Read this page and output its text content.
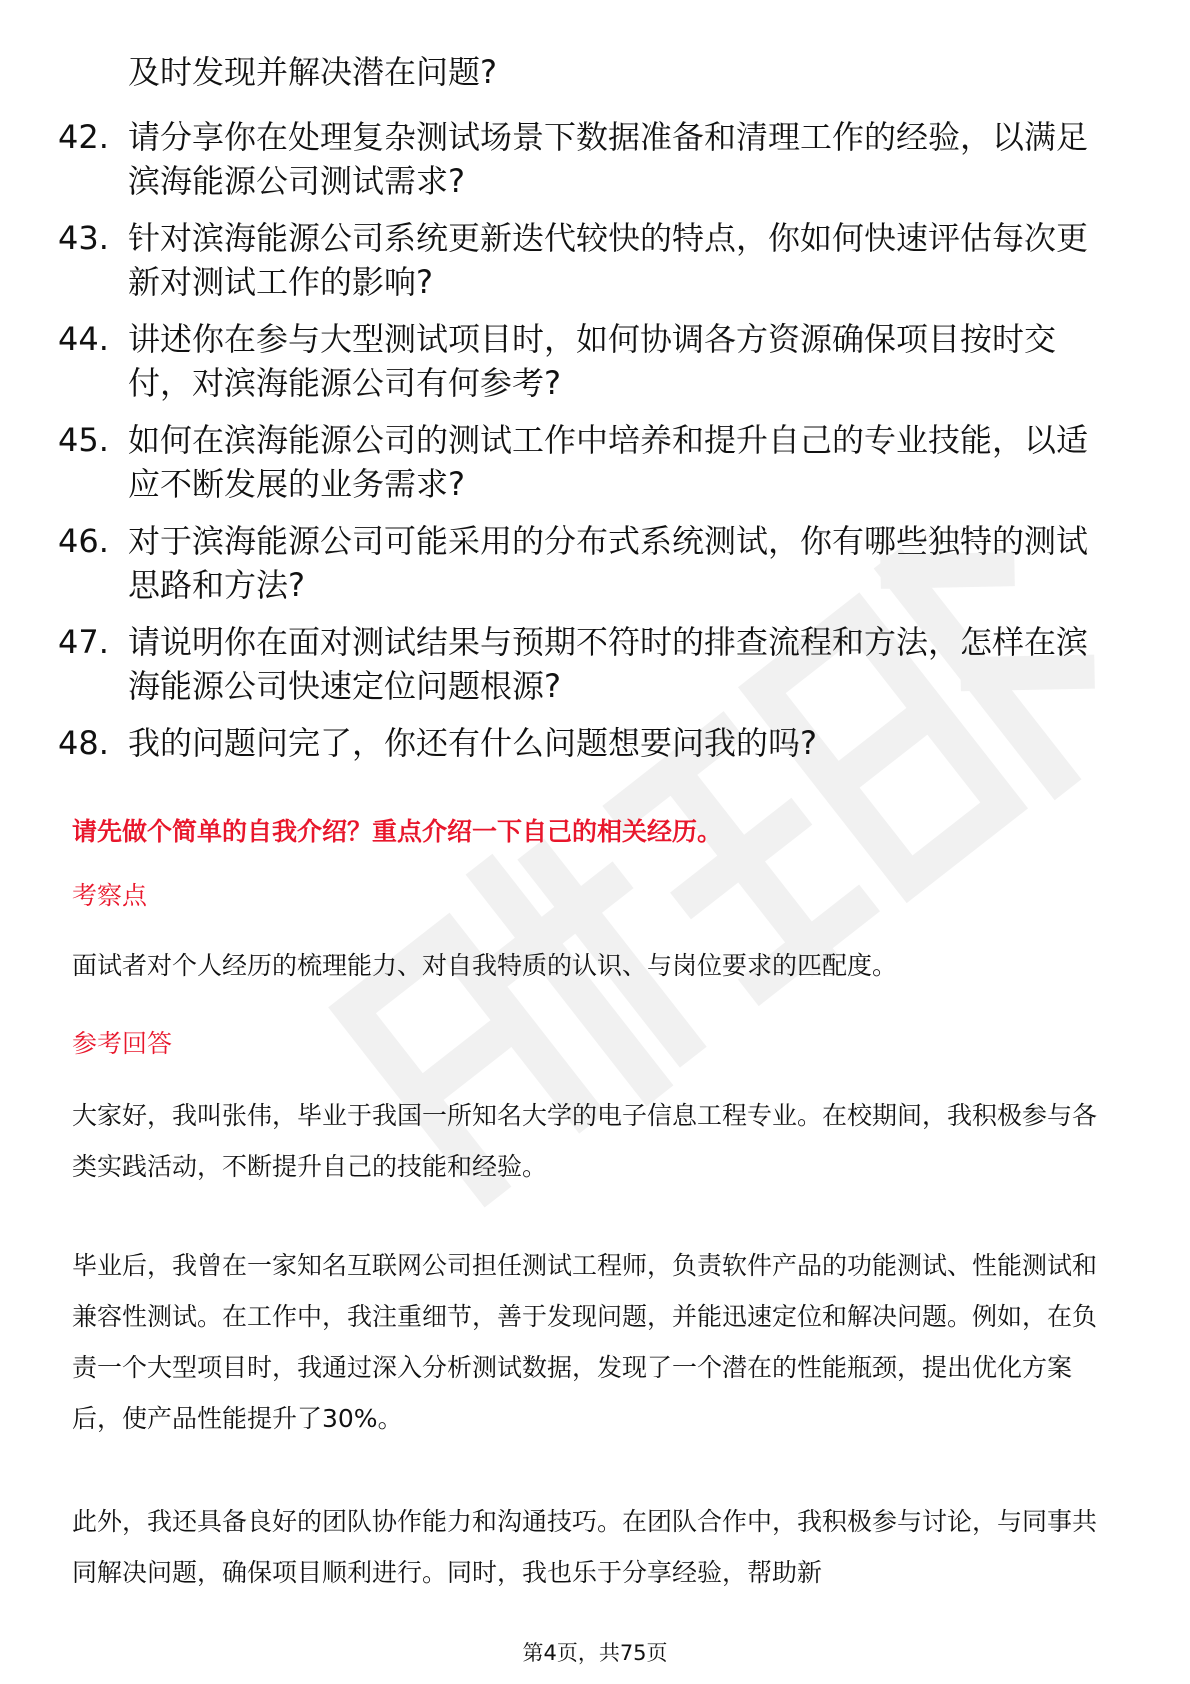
及时发现并解决潜在问题?
42. 请分享你在处理复杂测试场景下数据准备和清理工作的经验，以满足滨海能源公司测试需求?
43. 针对滨海能源公司系统更新迭代较快的特点，你如何快速评估每次更新对测试工作的影响?
44. 讲述你在参与大型测试项目时，如何协调各方资源确保项目按时交付，对滨海能源公司有何参考?
45. 如何在滨海能源公司的测试工作中培养和提升自己的专业技能，以适应不断发展的业务需求?
46. 对于滨海能源公司可能采用的分布式系统测试，你有哪些独特的测试思路和方法?
47. 请说明你在面对测试结果与预期不符时的排查流程和方法，怎样在滨海能源公司快速定位问题根源?
48. 我的问题问完了，你还有什么问题想要问我的吗?
请先做个简单的自我介绍？重点介绍一下自己的相关经历。
考察点

面试者对个人经历的梳理能力、对自我特质的认识、与岗位要求的匹配度。

参考回答

大家好，我叫张伟，毕业于我国一所知名大学的电子信息工程专业。在校期间，我积极参与各类实践活动，不断提升自己的技能和经验。

毕业后，我曾在一家知名互联网公司担任测试工程师，负责软件产品的功能测试、性能测试和兼容性测试。在工作中，我注重细节，善于发现问题，并能迅速定位和解决问题。例如，在负责一个大型项目时，我通过深入分析测试数据，发现了一个潜在的性能瓶颈，提出优化方案后，使产品性能提升了30%。

此外，我还具备良好的团队协作能力和沟通技巧。在团队合作中，我积极参与讨论，与同事共同解决问题，确保项目顺利进行。同时，我也乐于分享经验，帮助新

第4页，共75页
